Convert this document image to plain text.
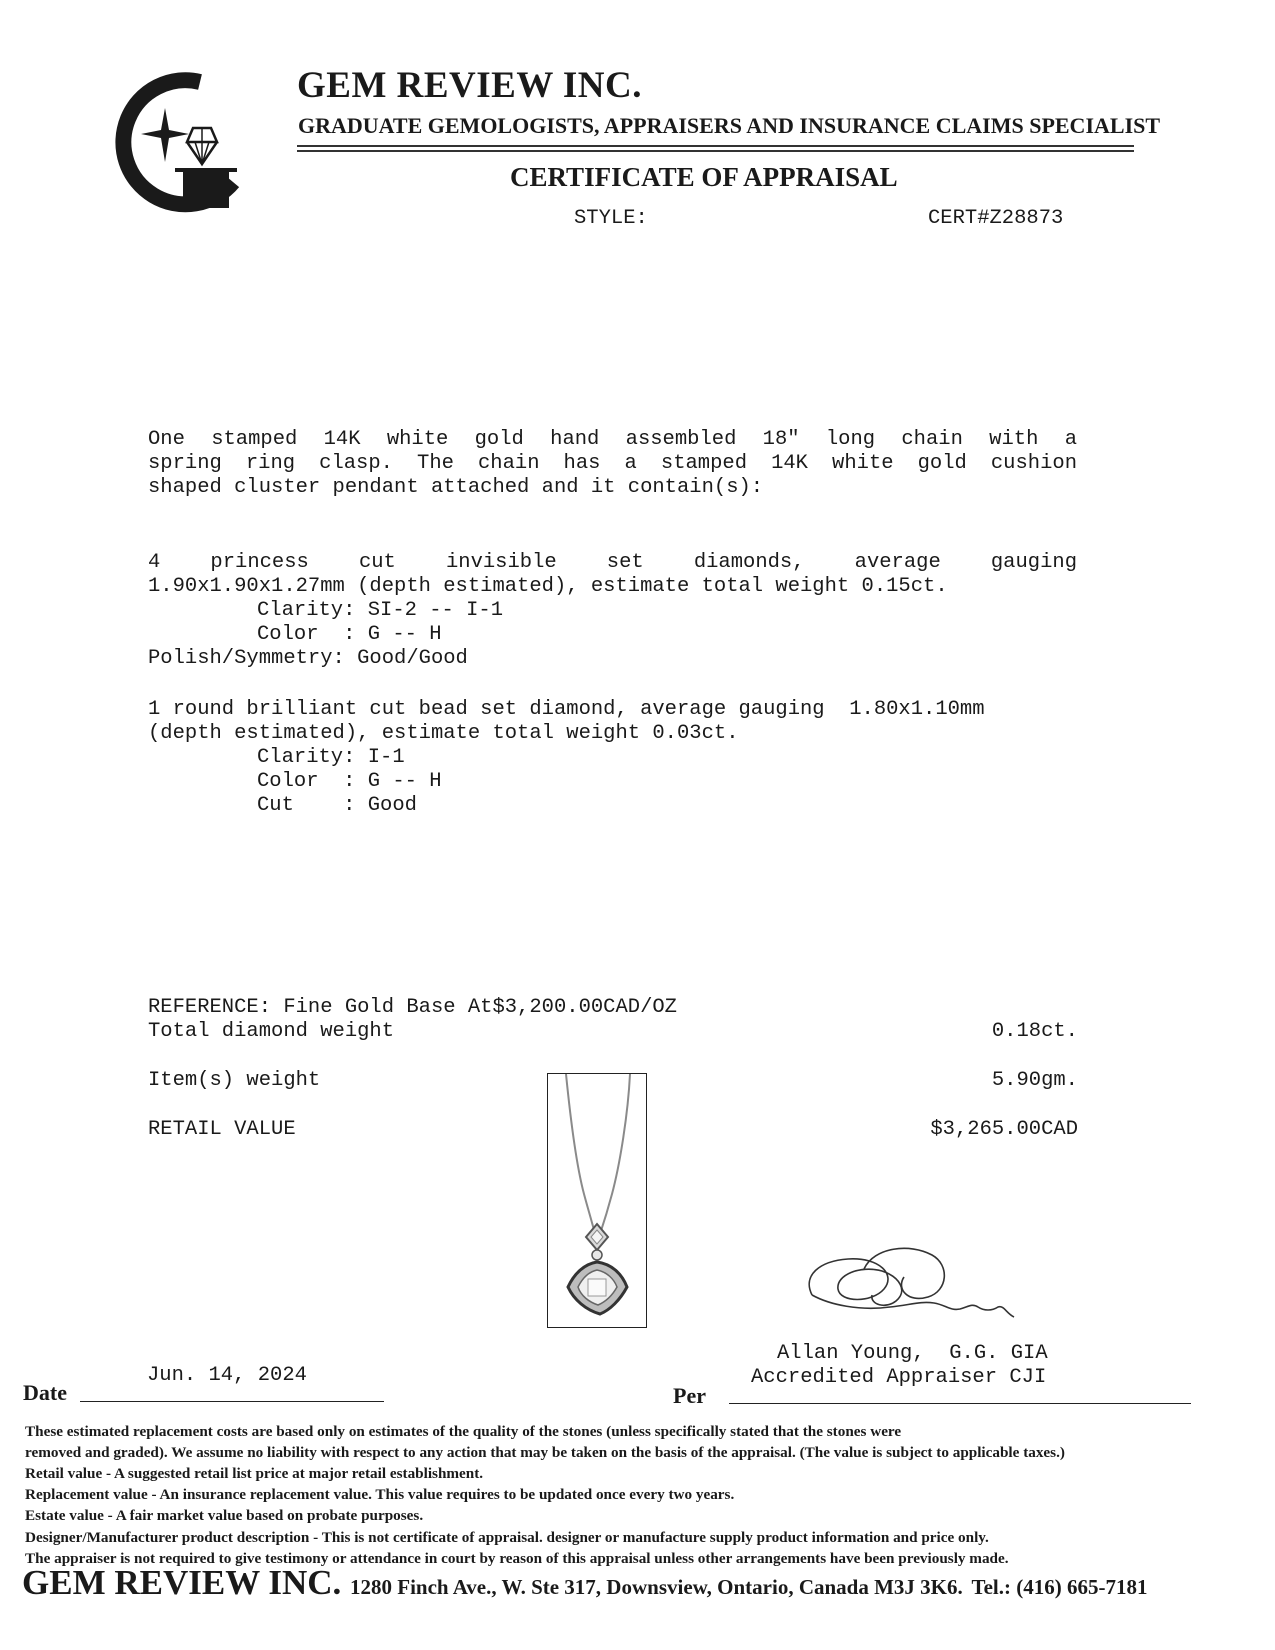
GEM REVIEW INC.
GRADUATE GEMOLOGISTS, APPRAISERS AND INSURANCE CLAIMS SPECIALIST
CERTIFICATE OF APPRAISAL
STYLE:	CERT#Z28873
One stamped 14K white gold hand assembled 18" long chain with a
spring ring clasp. The chain has a stamped 14K white gold cushion
shaped cluster pendant attached and it contain(s):
4 princess cut invisible set diamonds, average gauging
1.90x1.90x1.27mm (depth estimated), estimate total weight 0.15ct.
Clarity: SI-2 -- I-1
Color  : G -- H
Polish/Symmetry: Good/Good
1 round brilliant cut bead set diamond, average gauging  1.80x1.10mm
(depth estimated), estimate total weight 0.03ct.
Clarity: I-1
Color  : G -- H
Cut    : Good
REFERENCE: Fine Gold Base At$3,200.00CAD/OZ
Total diamond weight	0.18ct.
Item(s) weight	5.90gm.
RETAIL VALUE	$3,265.00CAD
Allan Young,  G.G. GIA
Accredited Appraiser CJI
Jun. 14, 2024
Date	Per
These estimated replacement costs are based only on estimates of the quality of the stones (unless specifically stated that the stones were
removed and graded). We assume no liability with respect to any action that may be taken on the basis of the appraisal. (The value is subject to applicable taxes.)
Retail value - A suggested retail list price at major retail establishment.
Replacement value - An insurance replacement value. This value requires to be updated once every two years.
Estate value - A fair market value based on probate purposes.
Designer/Manufacturer product description - This is not certificate of appraisal. designer or manufacture supply product information and price only.
The appraiser is not required to give testimony or attendance in court by reason of this appraisal unless other arrangements have been previously made.
GEM REVIEW INC. 1280 Finch Ave., W. Ste 317, Downsview, Ontario, Canada M3J 3K6. Tel.: (416) 665-7181
